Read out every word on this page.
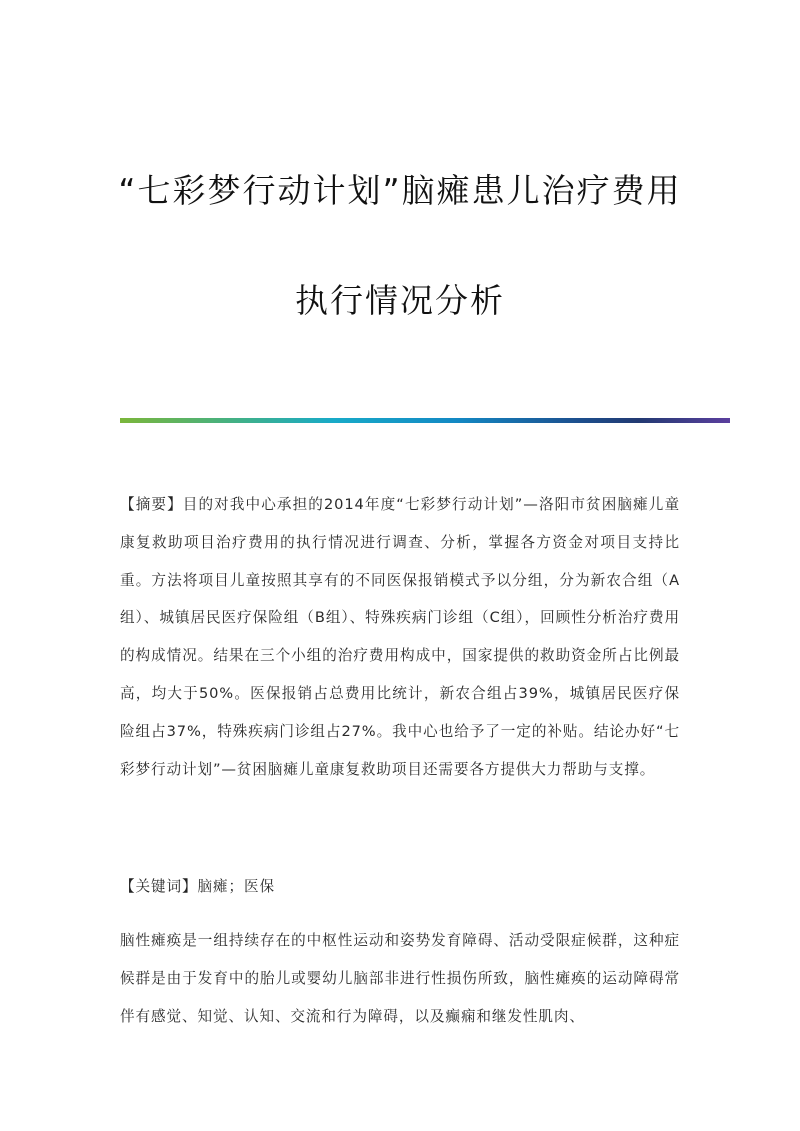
“七彩梦行动计划”脑瘫患儿治疗费用
执行情况分析

【摘要】目的对我中心承担的2014年度“七彩梦行动计划”—洛阳市贫困脑瘫儿童康复救助项目治疗费用的执行情况进行调查、分析，掌握各方资金对项目支持比重。方法将项目儿童按照其享有的不同医保报销模式予以分组，分为新农合组（A组）、城镇居民医疗保险组（B组）、特殊疾病门诊组（C组），回顾性分析治疗费用的构成情况。结果在三个小组的治疗费用构成中，国家提供的救助资金所占比例最高，均大于50%。医保报销占总费用比统计，新农合组占39%，城镇居民医疗保险组占37%，特殊疾病门诊组占27%。我中心也给予了一定的补贴。结论办好“七彩梦行动计划”—贫困脑瘫儿童康复救助项目还需要各方提供大力帮助与支撑。

【关键词】脑瘫；医保

脑性瘫痪是一组持续存在的中枢性运动和姿势发育障碍、活动受限症候群，这种症候群是由于发育中的胎儿或婴幼儿脑部非进行性损伤所致，脑性瘫痪的运动障碍常伴有感觉、知觉、认知、交流和行为障碍，以及癫痫和继发性肌肉、
